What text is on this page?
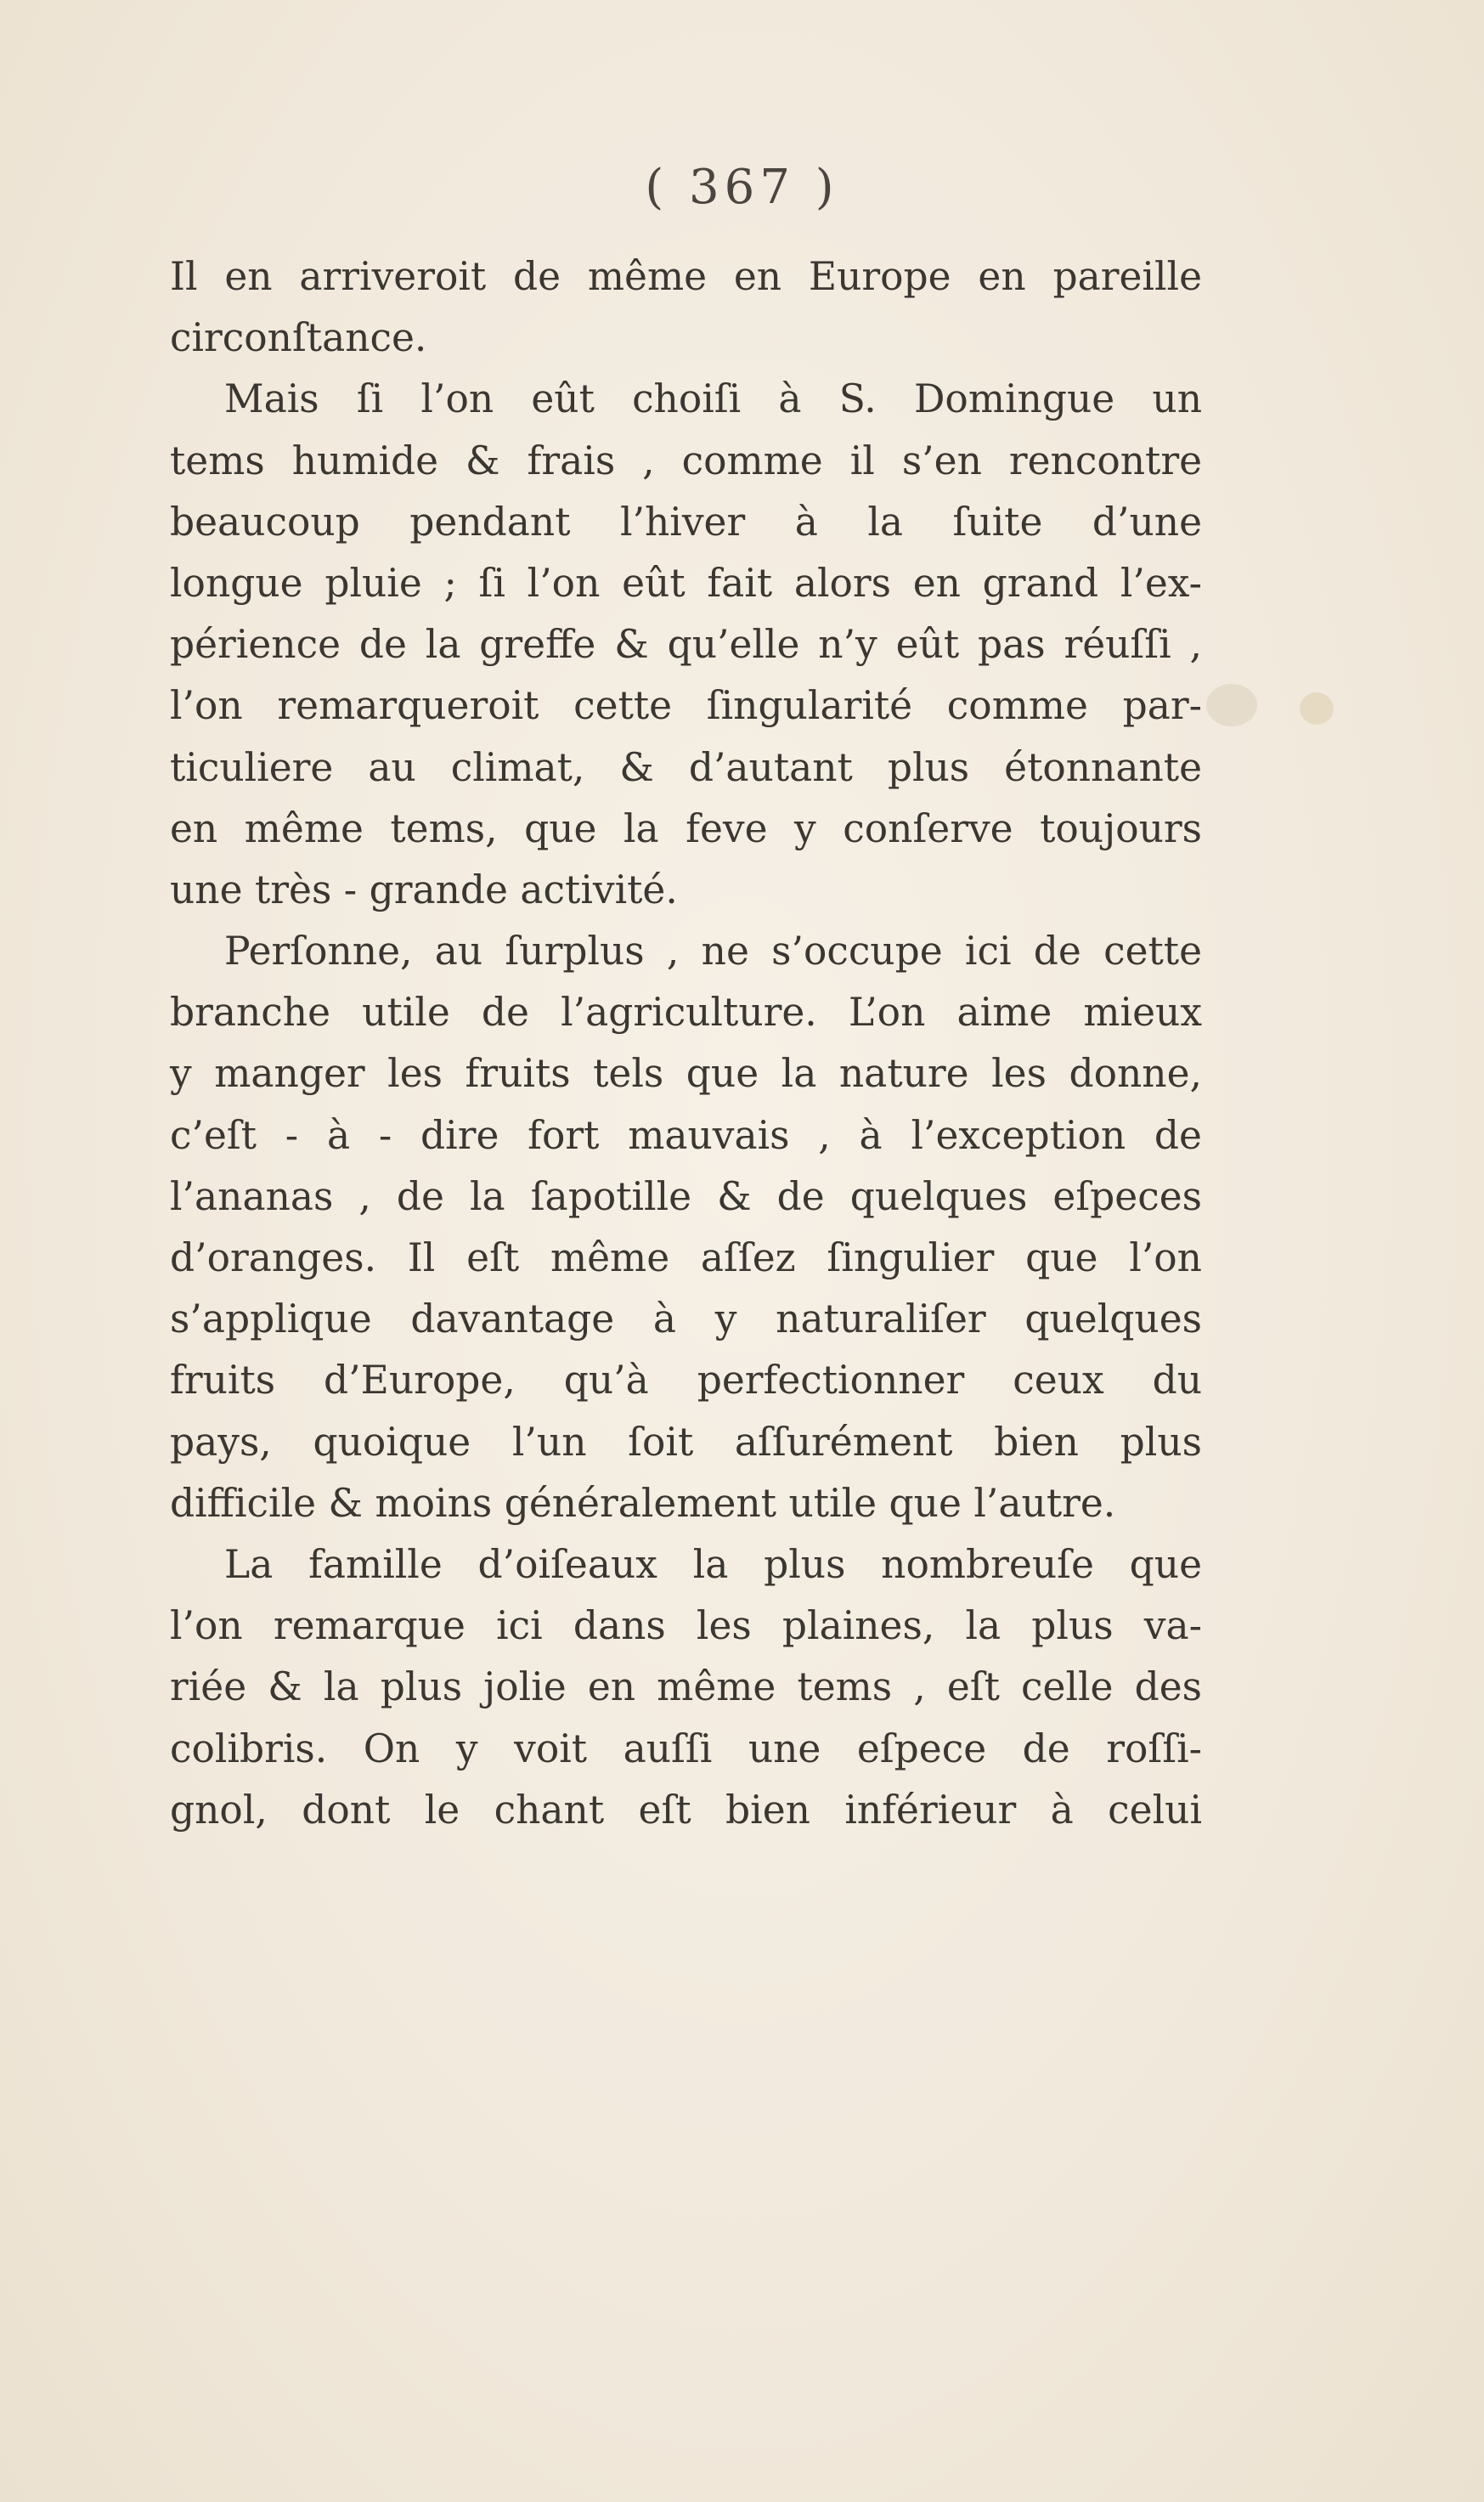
( 367 )
Il en arriveroit de même en Europe en pareille
circonſtance.
Mais ſi l’on eût choiſi à S. Domingue un
tems humide & frais , comme il s’en rencontre
beaucoup pendant l’hiver à la ſuite d’une
longue pluie ; ſi l’on eût fait alors en grand l’ex-
périence de la greffe & qu’elle n’y eût pas réuſſi ,
l’on remarqueroit cette ſingularité comme par-
ticuliere au climat, & d’autant plus étonnante
en même tems, que la feve y conſerve toujours
une très - grande activité.
Perſonne, au ſurplus , ne s’occupe ici de cette
branche utile de l’agriculture. L’on aime mieux
y manger les fruits tels que la nature les donne,
c’eſt - à - dire fort mauvais , à l’exception de
l’ananas , de la ſapotille & de quelques eſpeces
d’oranges. Il eſt même aſſez ſingulier que l’on
s’applique davantage à y naturaliſer quelques
fruits d’Europe, qu’à perfectionner ceux du
pays, quoique l’un ſoit aſſurément bien plus
difficile & moins généralement utile que l’autre.
La famille d’oiſeaux la plus nombreuſe que
l’on remarque ici dans les plaines, la plus va-
riée & la plus jolie en même tems , eſt celle des
colibris. On y voit auſſi une eſpece de roſſi-
gnol, dont le chant eſt bien inférieur à celui
